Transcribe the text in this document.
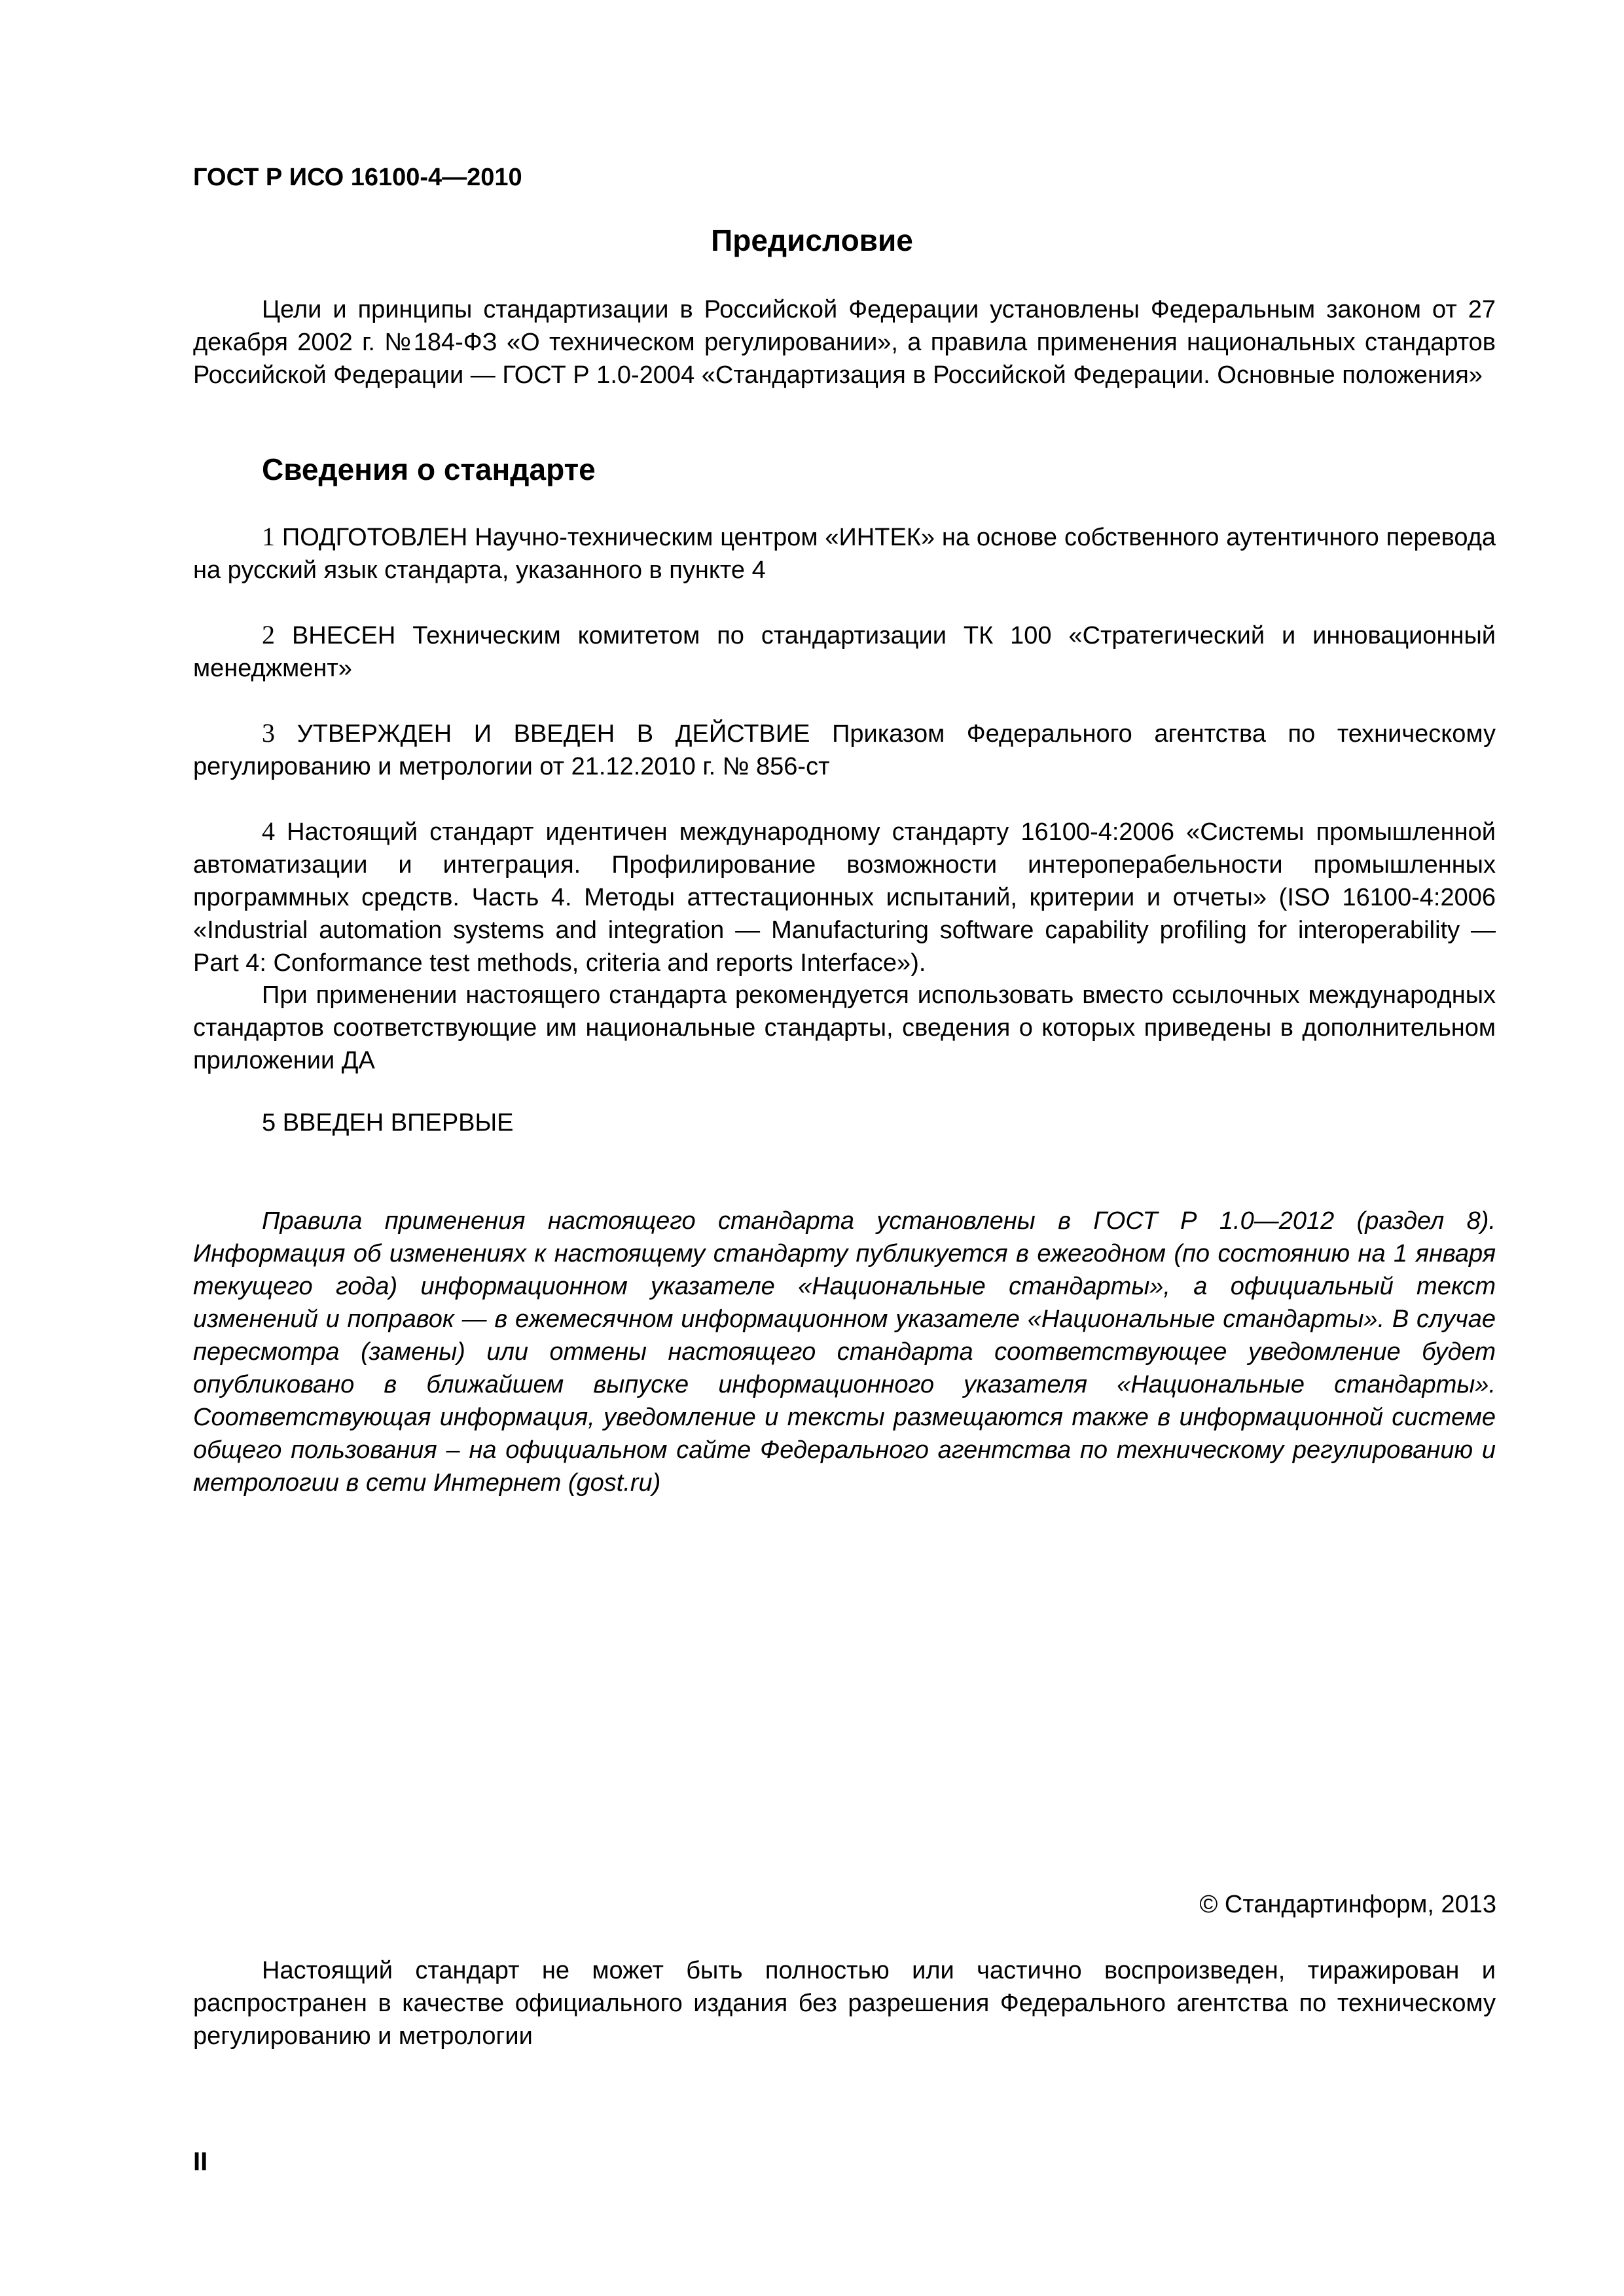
ГОСТ Р ИСО 16100-4—2010
Предисловие

Цели и принципы стандартизации в Российской Федерации установлены Федеральным законом от 27 декабря 2002 г. №184-ФЗ «О техническом регулировании», а правила применения национальных стандартов Российской Федерации — ГОСТ Р 1.0-2004 «Стандартизация в Российской Федерации. Основные положения»

Сведения о стандарте

1 ПОДГОТОВЛЕН Научно-техническим центром «ИНТЕК» на основе собственного аутентичного перевода на русский язык стандарта, указанного в пункте 4

2 ВНЕСЕН Техническим комитетом по стандартизации ТК 100 «Стратегический и инновационный менеджмент»

3 УТВЕРЖДЕН И ВВЕДЕН В ДЕЙСТВИЕ Приказом Федерального агентства по техническому регулированию и метрологии от 21.12.2010 г. № 856-ст

4 Настоящий стандарт идентичен международному стандарту 16100-4:2006 «Системы промышленной автоматизации и интеграция. Профилирование возможности интероперабельности промышленных программных средств. Часть 4. Методы аттестационных испытаний, критерии и отчеты» (ISO 16100-4:2006 «Industrial automation systems and integration — Manufacturing software capability profiling for interoperability — Part 4: Conformance test methods, criteria and reports Interface»).

При применении настоящего стандарта рекомендуется использовать вместо ссылочных международных стандартов соответствующие им национальные стандарты, сведения о которых приведены в дополнительном приложении ДА

5 ВВЕДЕН ВПЕРВЫЕ

Правила применения настоящего стандарта установлены в ГОСТ Р 1.0—2012 (раздел 8). Информация об изменениях к настоящему стандарту публикуется в ежегодном (по состоянию на 1 января текущего года) информационном указателе «Национальные стандарты», а официальный текст изменений и поправок — в ежемесячном информационном указателе «Национальные стандарты». В случае пересмотра (замены) или отмены настоящего стандарта соответствующее уведомление будет опубликовано в ближайшем выпуске информационного указателя «Национальные стандарты». Соответствующая информация, уведомление и тексты размещаются также в информационной системе общего пользования – на официальном сайте Федерального агентства по техническому регулированию и метрологии в сети Интернет (gost.ru)

© Стандартинформ, 2013

Настоящий стандарт не может быть полностью или частично воспроизведен, тиражирован и распространен в качестве официального издания без разрешения Федерального агентства по техническому регулированию и метрологии

II
